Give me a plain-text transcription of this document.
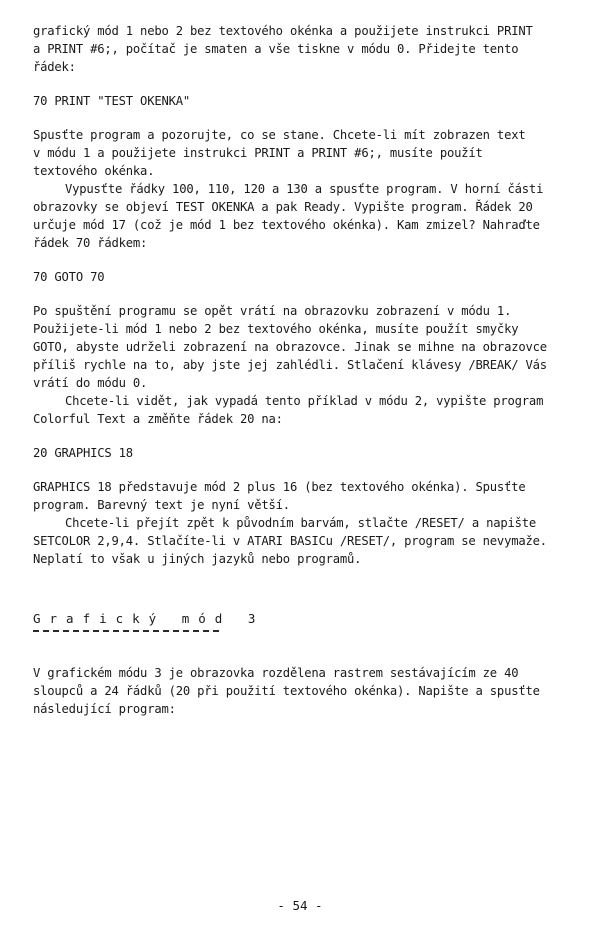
grafický mód 1 nebo 2 bez textového okénka a použijete instrukci PRINT

a PRINT #6;, počítač je smaten a vše tiskne v módu 0. Přidejte tento

řádek:

70 PRINT "TEST OKENKA"

Spusťte program a pozorujte, co se stane. Chcete-li mít zobrazen text

v módu 1 a použijete instrukci PRINT a PRINT #6;, musíte použít

textového okénka.

Vypusťte řádky 100, 110, 120 a 130 a spusťte program. V horní části

obrazovky se objeví TEST OKENKA a pak Ready. Vypište program. Řádek 20

určuje mód 17 (což je mód 1 bez textového okénka). Kam zmizel? Nahraďte

řádek 70 řádkem:

70 GOTO 70

Po spuštění programu se opět vrátí na obrazovku zobrazení v módu 1.

Použijete-li mód 1 nebo 2 bez textového okénka, musíte použít smyčky

GOTO, abyste udrželi zobrazení na obrazovce. Jinak se mihne na obrazovce

příliš rychle na to, aby jste jej zahlédli. Stlačení klávesy /BREAK/ Vás

vrátí do módu 0.

Chcete-li vidět, jak vypadá tento příklad v módu 2, vypište program

Colorful Text a změňte řádek 20 na:

20 GRAPHICS 18

GRAPHICS 18 představuje mód 2 plus 16 (bez textového okénka). Spusťte

program. Barevný text je nyní větší.

Chcete-li přejít zpět k původním barvám, stlačte /RESET/ a napište

SETCOLOR 2,9,4. Stlačíte-li v ATARI BASICu /RESET/, program se nevymaže.

Neplatí to však u jiných jazyků nebo programů.

Grafický mód 3

V grafickém módu 3 je obrazovka rozdělena rastrem sestávajícím ze 40

sloupců a 24 řádků (20 při použití textového okénka). Napište a spusťte

následující program:

- 54 -
